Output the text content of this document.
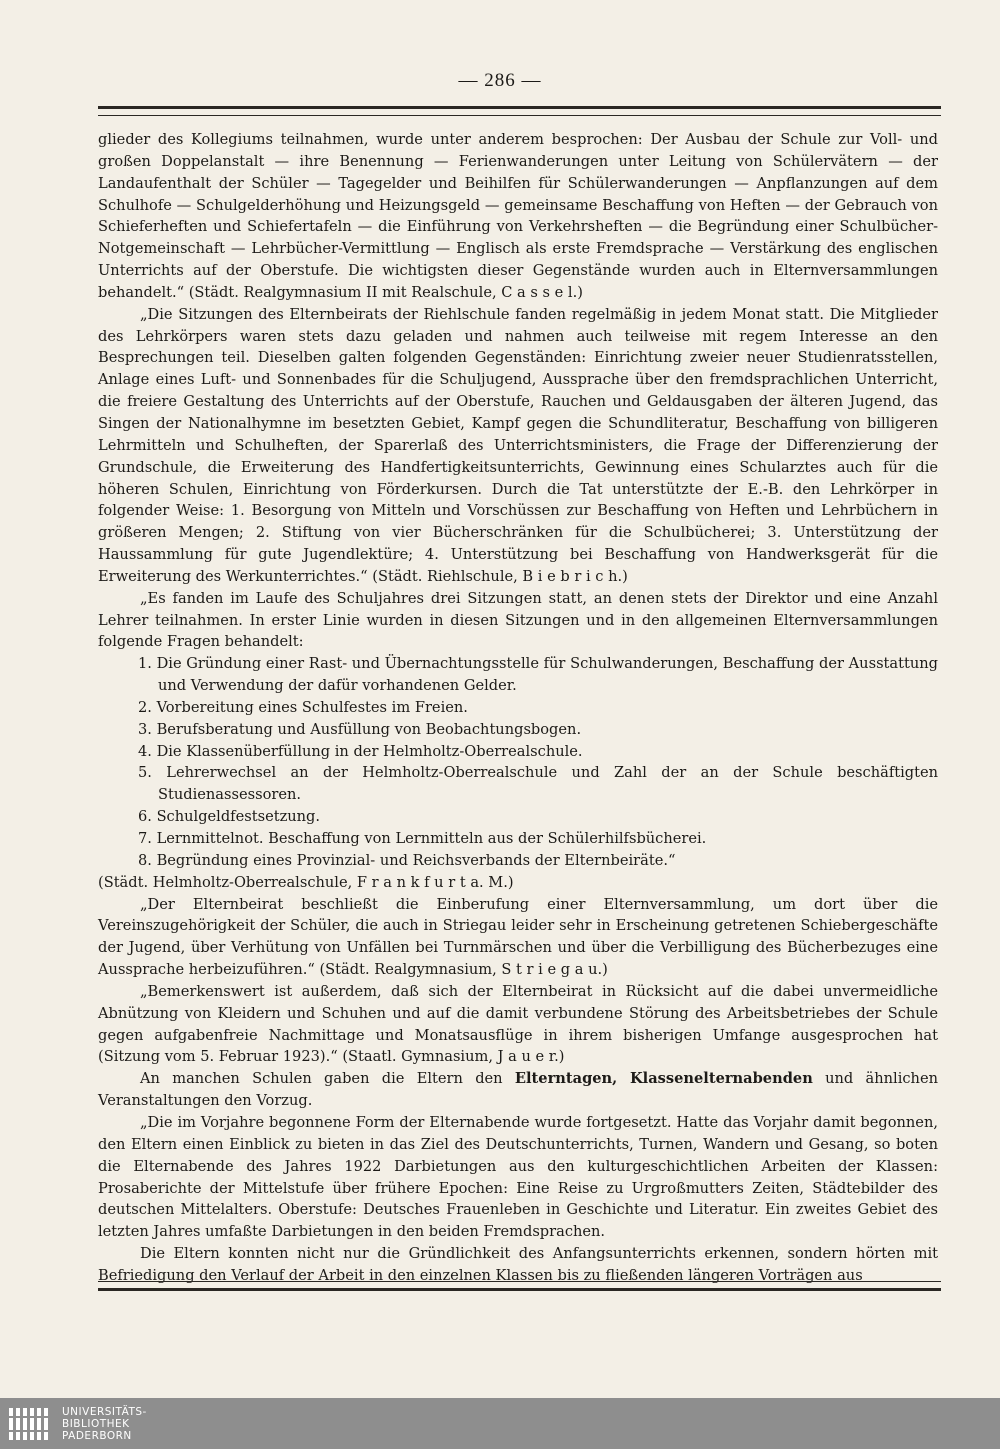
— 286 —

glieder des Kollegiums teilnahmen, wurde unter anderem besprochen: Der Ausbau der Schule zur Voll- und großen Doppelanstalt — ihre Benennung — Ferienwanderungen unter Leitung von Schülervätern — der Landaufenthalt der Schüler — Tagegelder und Beihilfen für Schülerwanderungen — Anpflanzungen auf dem Schulhofe — Schulgelderhöhung und Heizungsgeld — gemeinsame Beschaffung von Heften — der Gebrauch von Schieferheften und Schiefertafeln — die Einführung von Verkehrsheften — die Begründung einer Schulbücher-Notgemeinschaft — Lehrbücher-Vermittlung — Englisch als erste Fremdsprache — Verstärkung des englischen Unterrichts auf der Oberstufe. Die wichtigsten dieser Gegenstände wurden auch in Elternversammlungen behandelt.“ (Städt. Realgymnasium II mit Realschule, C a s s e l.)

„Die Sitzungen des Elternbeirats der Riehlschule fanden regelmäßig in jedem Monat statt. Die Mitglieder des Lehrkörpers waren stets dazu geladen und nahmen auch teilweise mit regem Interesse an den Besprechungen teil. Dieselben galten folgenden Gegenständen: Einrichtung zweier neuer Studienratsstellen, Anlage eines Luft- und Sonnenbades für die Schuljugend, Aussprache über den fremdsprachlichen Unterricht, die freiere Gestaltung des Unterrichts auf der Oberstufe, Rauchen und Geldausgaben der älteren Jugend, das Singen der Nationalhymne im besetzten Gebiet, Kampf gegen die Schundliteratur, Beschaffung von billigeren Lehrmitteln und Schulheften, der Sparerlaß des Unterrichtsministers, die Frage der Differenzierung der Grundschule, die Erweiterung des Handfertigkeitsunterrichts, Gewinnung eines Schularztes auch für die höheren Schulen, Einrichtung von Förderkursen. Durch die Tat unterstützte der E.-B. den Lehrkörper in folgender Weise: 1. Besorgung von Mitteln und Vorschüssen zur Beschaffung von Heften und Lehrbüchern in größeren Mengen; 2. Stiftung von vier Bücherschränken für die Schulbücherei; 3. Unterstützung der Haussammlung für gute Jugendlektüre; 4. Unterstützung bei Beschaffung von Handwerksgerät für die Erweiterung des Werkunterrichtes.“ (Städt. Riehlschule, B i e b r i c h.)

„Es fanden im Laufe des Schuljahres drei Sitzungen statt, an denen stets der Direktor und eine Anzahl Lehrer teilnahmen. In erster Linie wurden in diesen Sitzungen und in den allgemeinen Elternversammlungen folgende Fragen behandelt:

1. Die Gründung einer Rast- und Übernachtungsstelle für Schulwanderungen, Beschaffung der Ausstattung und Verwendung der dafür vorhandenen Gelder.
2. Vorbereitung eines Schulfestes im Freien.
3. Berufsberatung und Ausfüllung von Beobachtungsbogen.
4. Die Klassenüberfüllung in der Helmholtz-Oberrealschule.
5. Lehrerwechsel an der Helmholtz-Oberrealschule und Zahl der an der Schule beschäftigten Studienassessoren.
6. Schulgeldfestsetzung.
7. Lernmittelnot. Beschaffung von Lernmitteln aus der Schülerhilfsbücherei.
8. Begründung eines Provinzial- und Reichsverbands der Elternbeiräte.“

(Städt. Helmholtz-Oberrealschule, F r a n k f u r t a. M.)

„Der Elternbeirat beschließt die Einberufung einer Elternversammlung, um dort über die Vereinszugehörigkeit der Schüler, die auch in Striegau leider sehr in Erscheinung getretenen Schiebergeschäfte der Jugend, über Verhütung von Unfällen bei Turnmärschen und über die Verbilligung des Bücherbezuges eine Aussprache herbeizuführen.“ (Städt. Realgymnasium, S t r i e g a u.)

„Bemerkenswert ist außerdem, daß sich der Elternbeirat in Rücksicht auf die dabei unvermeidliche Abnützung von Kleidern und Schuhen und auf die damit verbundene Störung des Arbeitsbetriebes der Schule gegen aufgabenfreie Nachmittage und Monatsausflüge in ihrem bisherigen Umfange ausgesprochen hat (Sitzung vom 5. Februar 1923).“ (Staatl. Gymnasium, J a u e r.)

An manchen Schulen gaben die Eltern den Elterntagen, Klassenelternabenden und ähnlichen Veranstaltungen den Vorzug.

„Die im Vorjahre begonnene Form der Elternabende wurde fortgesetzt. Hatte das Vorjahr damit begonnen, den Eltern einen Einblick zu bieten in das Ziel des Deutschunterrichts, Turnen, Wandern und Gesang, so boten die Elternabende des Jahres 1922 Darbietungen aus den kulturgeschichtlichen Arbeiten der Klassen: Prosaberichte der Mittelstufe über frühere Epochen: Eine Reise zu Urgroßmutters Zeiten, Städtebilder des deutschen Mittelalters. Oberstufe: Deutsches Frauenleben in Geschichte und Literatur. Ein zweites Gebiet des letzten Jahres umfaßte Darbietungen in den beiden Fremdsprachen.

Die Eltern konnten nicht nur die Gründlichkeit des Anfangsunterrichts erkennen, sondern hörten mit Befriedigung den Verlauf der Arbeit in den einzelnen Klassen bis zu fließenden längeren Vorträgen aus

UNIVERSITÄTS-
BIBLIOTHEK
PADERBORN
